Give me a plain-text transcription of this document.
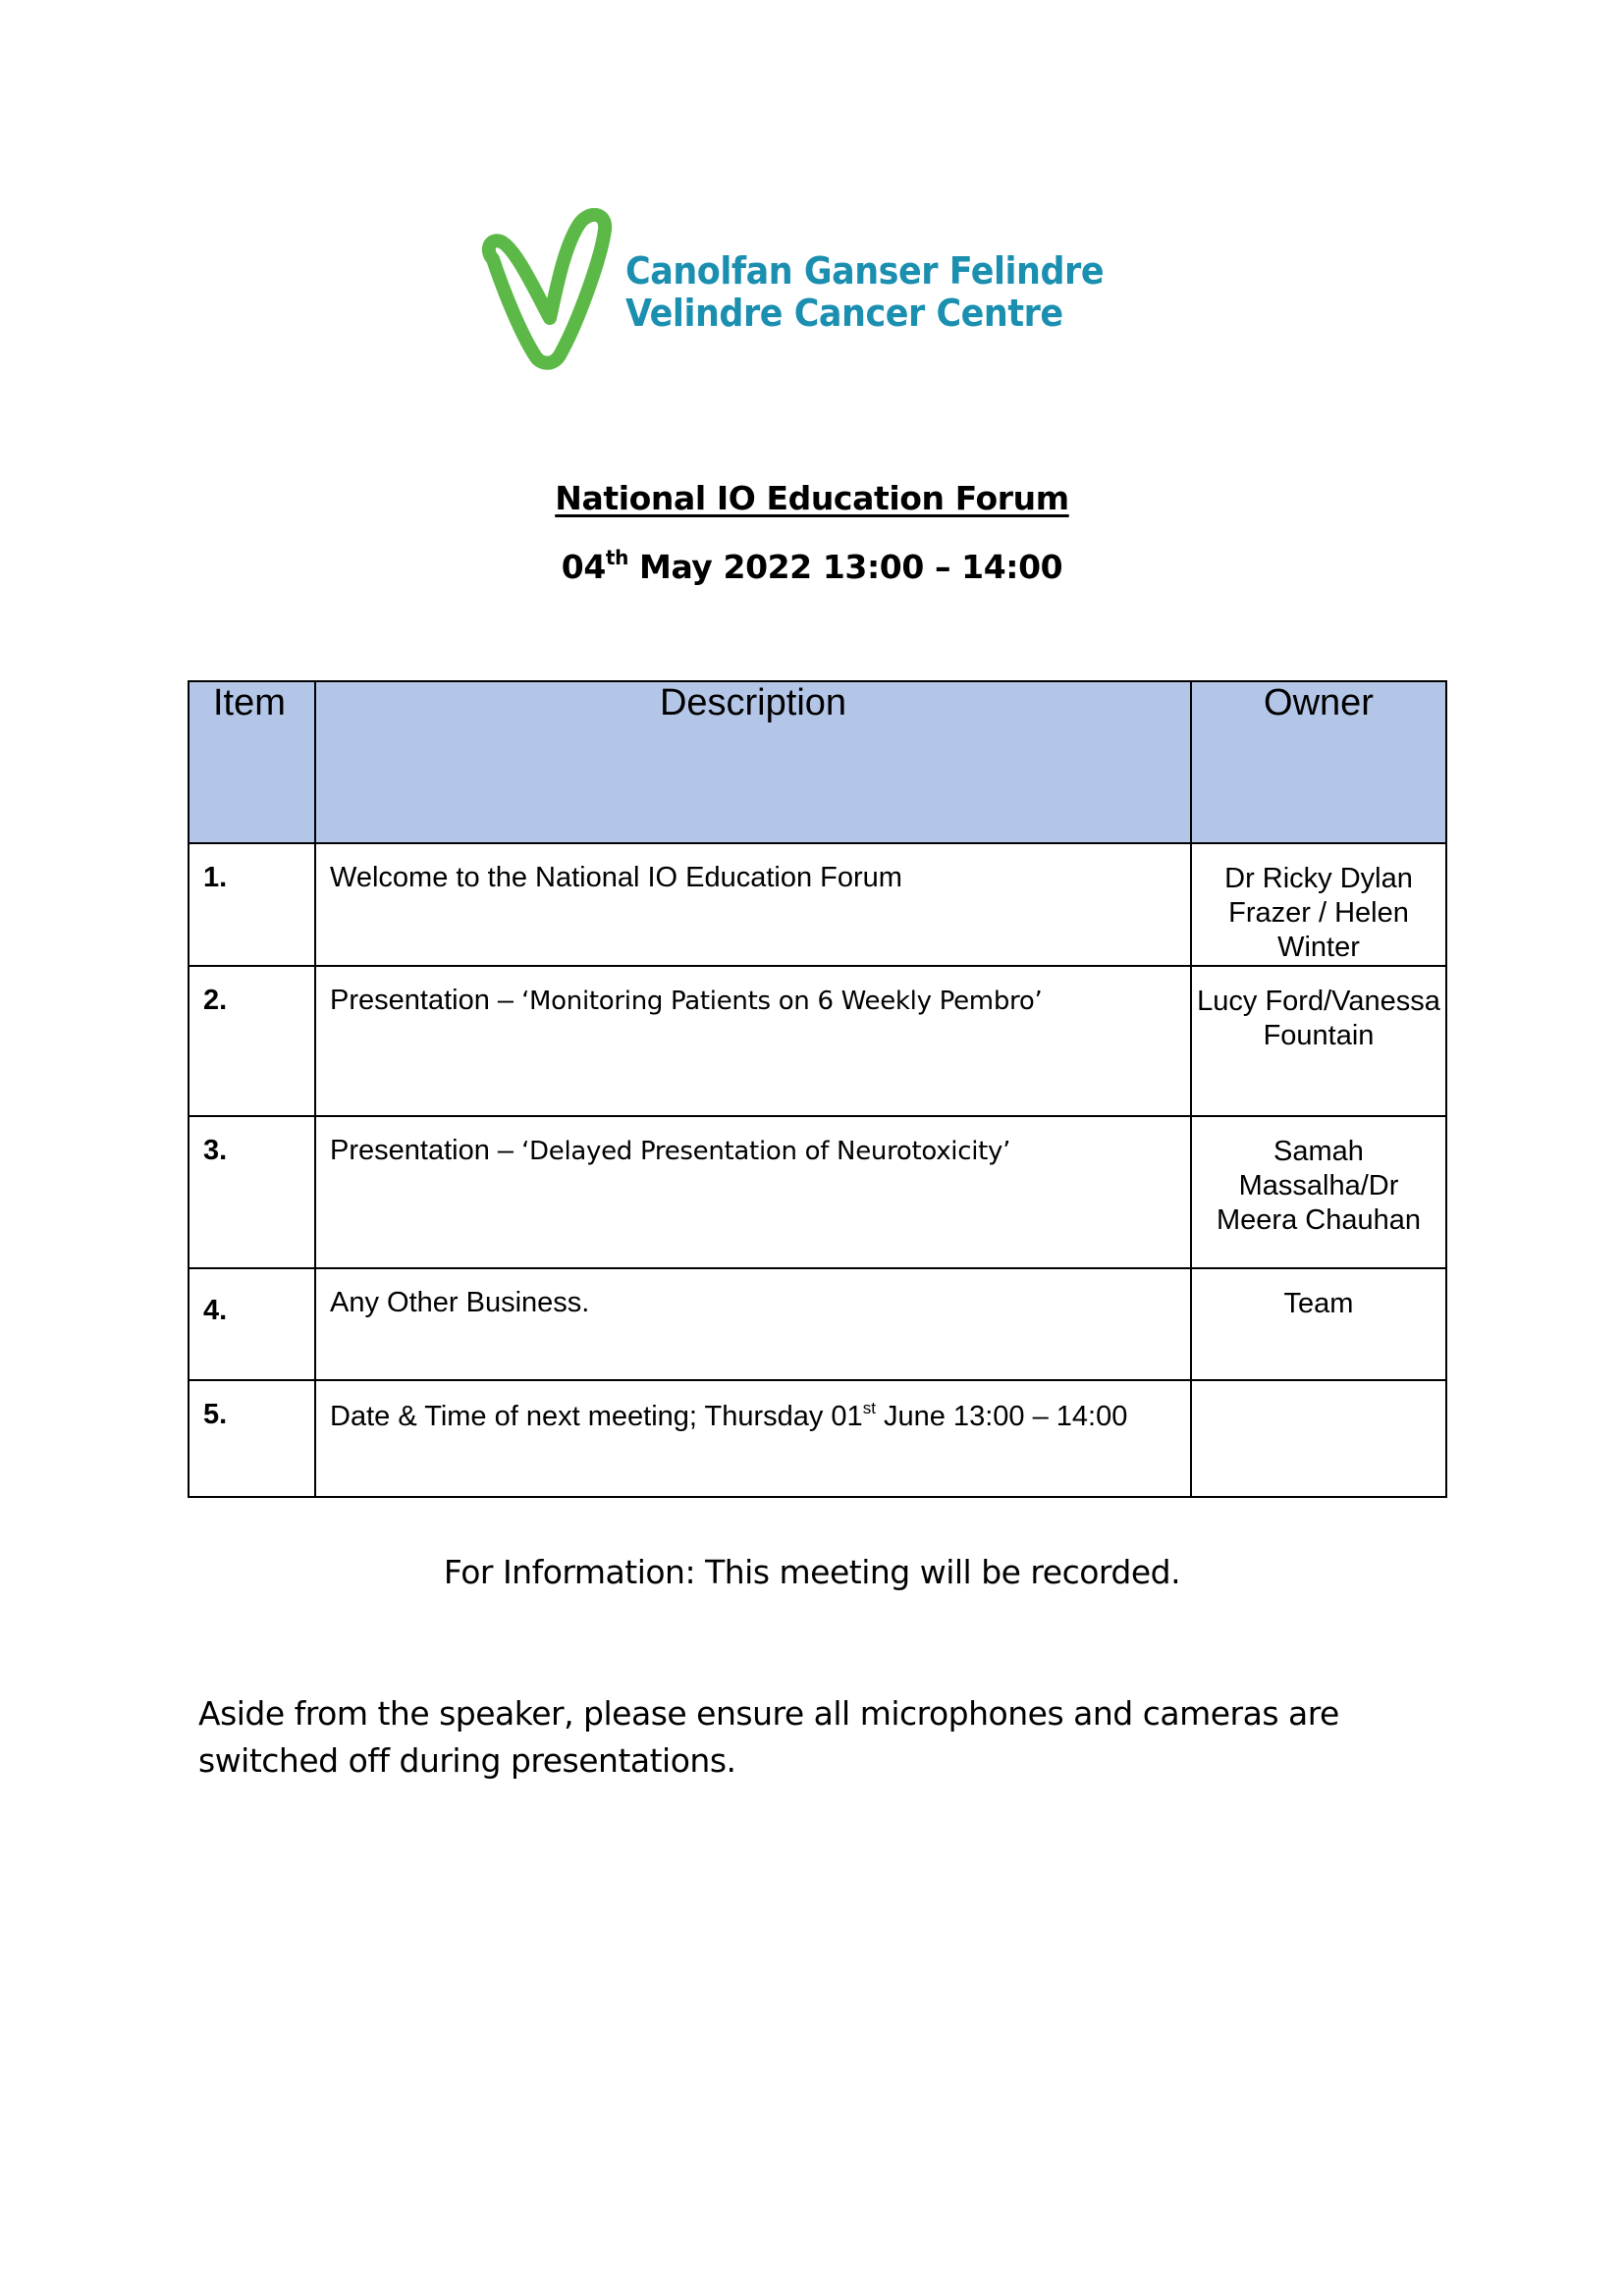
Canolfan Ganser Felindre
Velindre Cancer Centre
National IO Education Forum
04th May 2022 13:00 – 14:00
Item	Description	Owner
1.	Welcome to the National IO Education Forum	Dr Ricky Dylan Frazer / Helen Winter
2.	Presentation – ‘Monitoring Patients on 6 Weekly Pembro’	Lucy Ford/Vanessa Fountain
3.	Presentation – ‘Delayed Presentation of Neurotoxicity’	Samah Massalha/Dr Meera Chauhan
4.	Any Other Business.	Team
5.	Date & Time of next meeting; Thursday 01st June 13:00 – 14:00	
For Information: This meeting will be recorded.
Aside from the speaker, please ensure all microphones and cameras are switched off during presentations.
